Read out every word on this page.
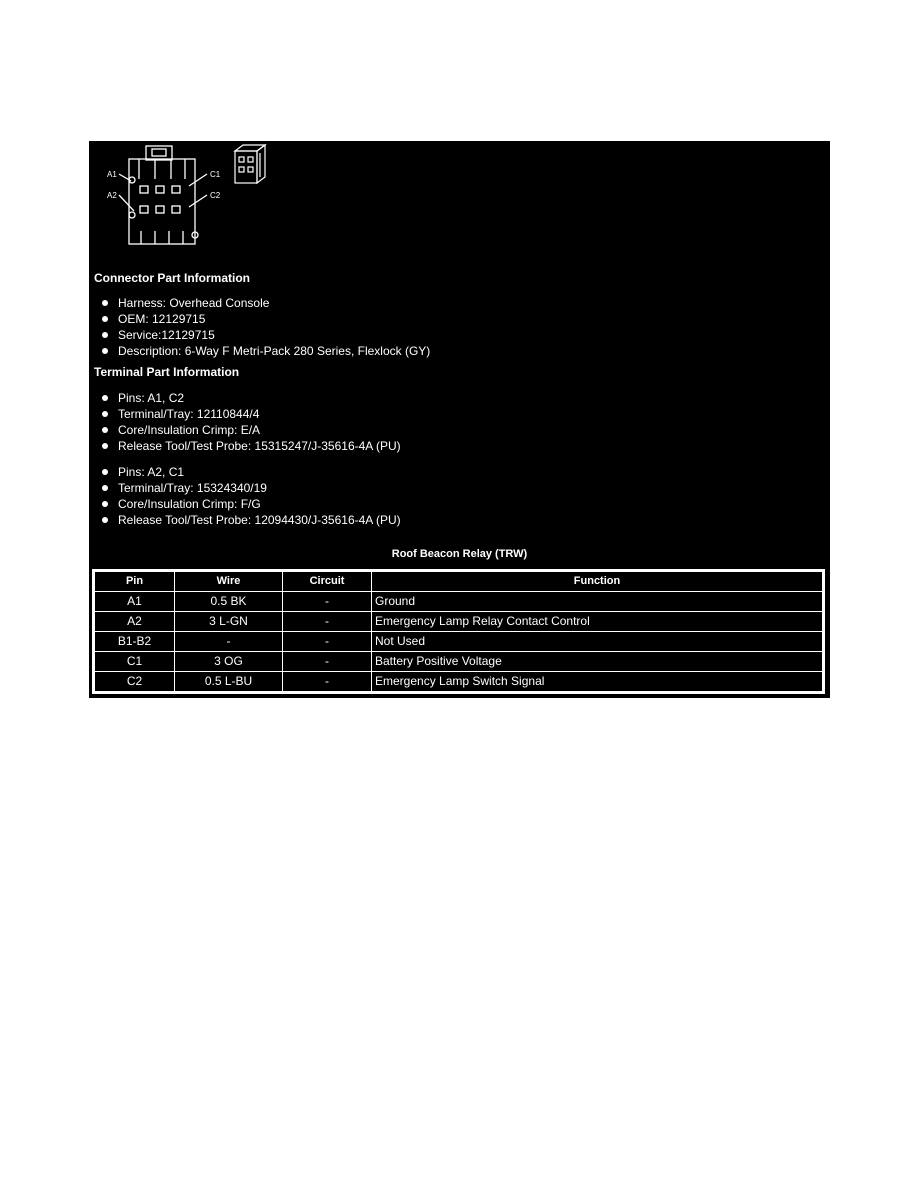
A1
A2
C1
C2
Connector Part Information
Harness: Overhead Console
OEM: 12129715
Service:12129715
Description: 6-Way F Metri-Pack 280 Series, Flexlock (GY)
Terminal Part Information
Pins: A1, C2
Terminal/Tray: 12110844/4
Core/Insulation Crimp: E/A
Release Tool/Test Probe: 15315247/J-35616-4A (PU)
Pins: A2, C1
Terminal/Tray: 15324340/19
Core/Insulation Crimp: F/G
Release Tool/Test Probe: 12094430/J-35616-4A (PU)
Roof Beacon Relay (TRW)
Pin	Wire	Circuit	Function
A1	0.5 BK	-	Ground
A2	3 L-GN	-	Emergency Lamp Relay Contact Control
B1-B2	-	-	Not Used
C1	3 OG	-	Battery Positive Voltage
C2	0.5 L-BU	-	Emergency Lamp Switch Signal
